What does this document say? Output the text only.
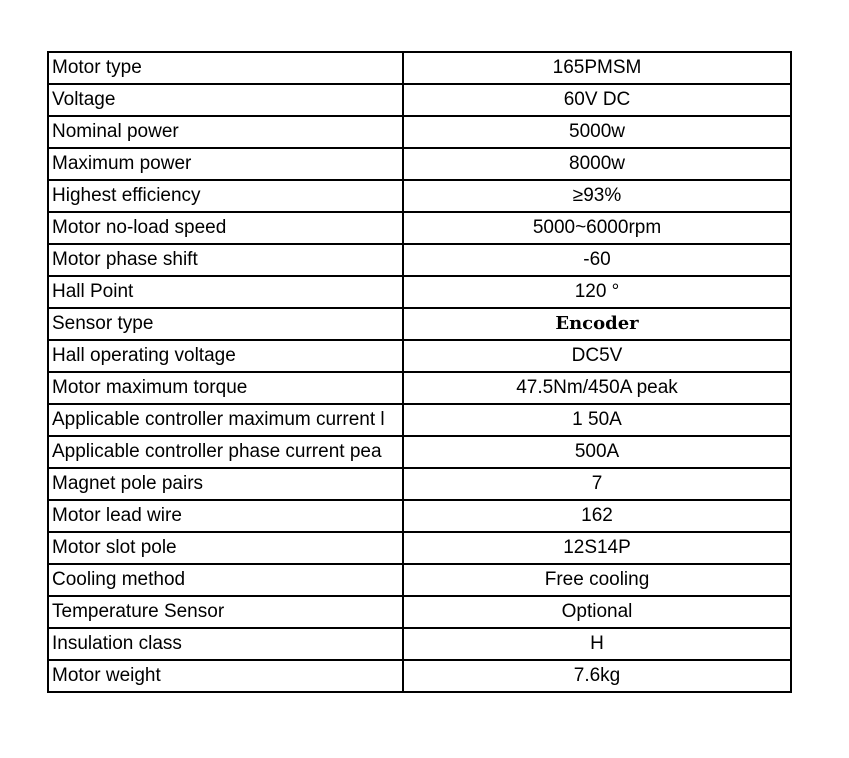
Motor type	165PMSM
Voltage	60V DC
Nominal power	5000w
Maximum power	8000w
Highest efficiency	≥93%
Motor no-load speed	5000~6000rpm
Motor phase shift	-60
Hall Point	120 °
Sensor type	Encoder
Hall operating voltage	DC5V
Motor maximum torque	47.5Nm/450A peak
Applicable controller maximum current l	1 50A
Applicable controller phase current pea	500A
Magnet pole pairs	7
Motor lead wire	162
Motor slot pole	12S14P
Cooling method	Free cooling
Temperature Sensor	Optional
Insulation class	H
Motor weight	7.6kg
